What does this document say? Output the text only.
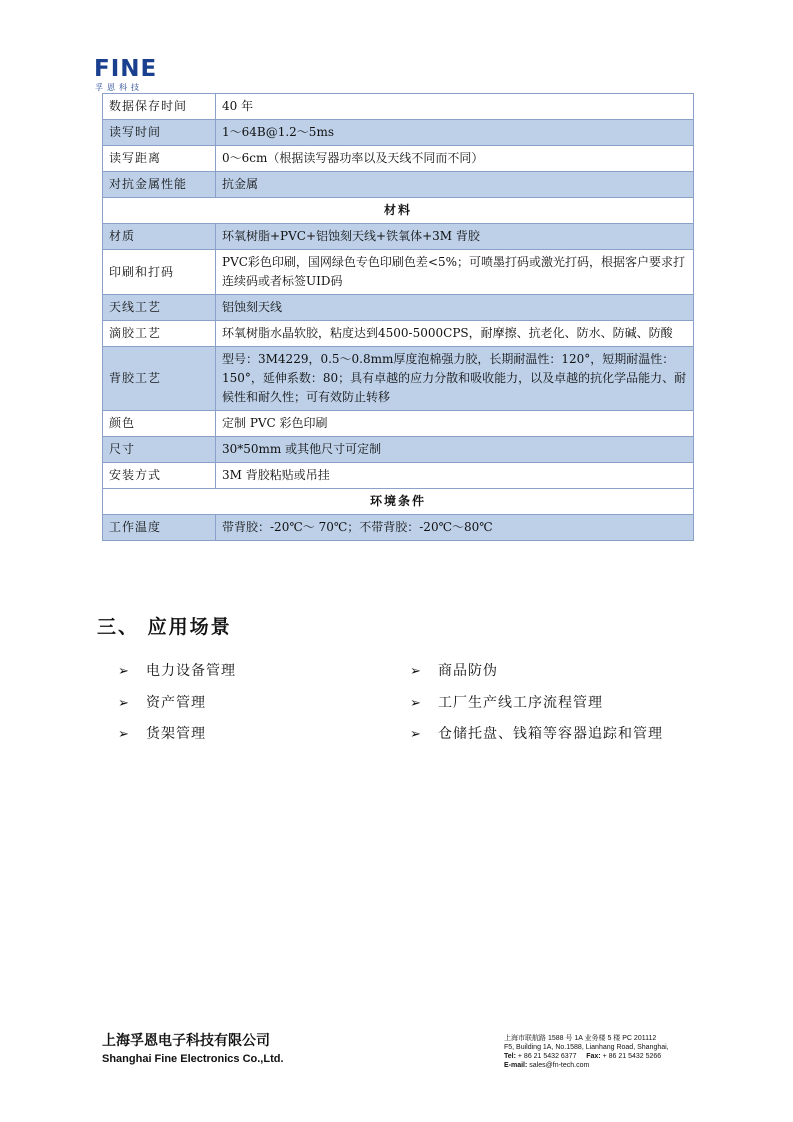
FINE
孚恩科技
数据保存时间	40 年
读写时间	1～64B@1.2～5ms
读写距离	0～6cm（根据读写器功率以及天线不同而不同）
对抗金属性能	抗金属
材料	
材质	环氧树脂+PVC+铝蚀刻天线+铁氧体+3M 背胶
印刷和打码	PVC彩色印刷，国网绿色专色印刷色差<5%；可喷墨打码或激光打码，根据客户要求打连续码或者标签UID码
天线工艺	铝蚀刻天线
滴胶工艺	环氧树脂水晶软胶，粘度达到4500-5000CPS，耐摩擦、抗老化、防水、防碱、防酸
背胶工艺	型号：3M4229，0.5～0.8mm厚度泡棉强力胶，长期耐温性：120°，短期耐温性：150°，延伸系数：80；具有卓越的应力分散和吸收能力，以及卓越的抗化学品能力、耐候性和耐久性；可有效防止转移
颜色	定制 PVC 彩色印刷
尺寸	30*50mm 或其他尺寸可定制
安装方式	3M 背胶粘贴或吊挂
环境条件	
工作温度	带背胶：-20℃～ 70℃；不带背胶：-20℃～80℃
三、 应用场景
➢ 电力设备管理	➢ 商品防伪
➢ 资产管理	➢ 工厂生产线工序流程管理
➢ 货架管理	➢ 仓储托盘、钱箱等容器追踪和管理
上海孚恩电子科技有限公司
Shanghai Fine Electronics Co.,Ltd.
上海市联航路 1588 号 1A 业务楼 5 楼 PC 201112
F5, Building 1A, No.1588, Lianhang Road, Shanghai,
Tel: + 86 21 5432 6377 Fax: + 86 21 5432 5266
E-mail: sales@fn-tech.com
